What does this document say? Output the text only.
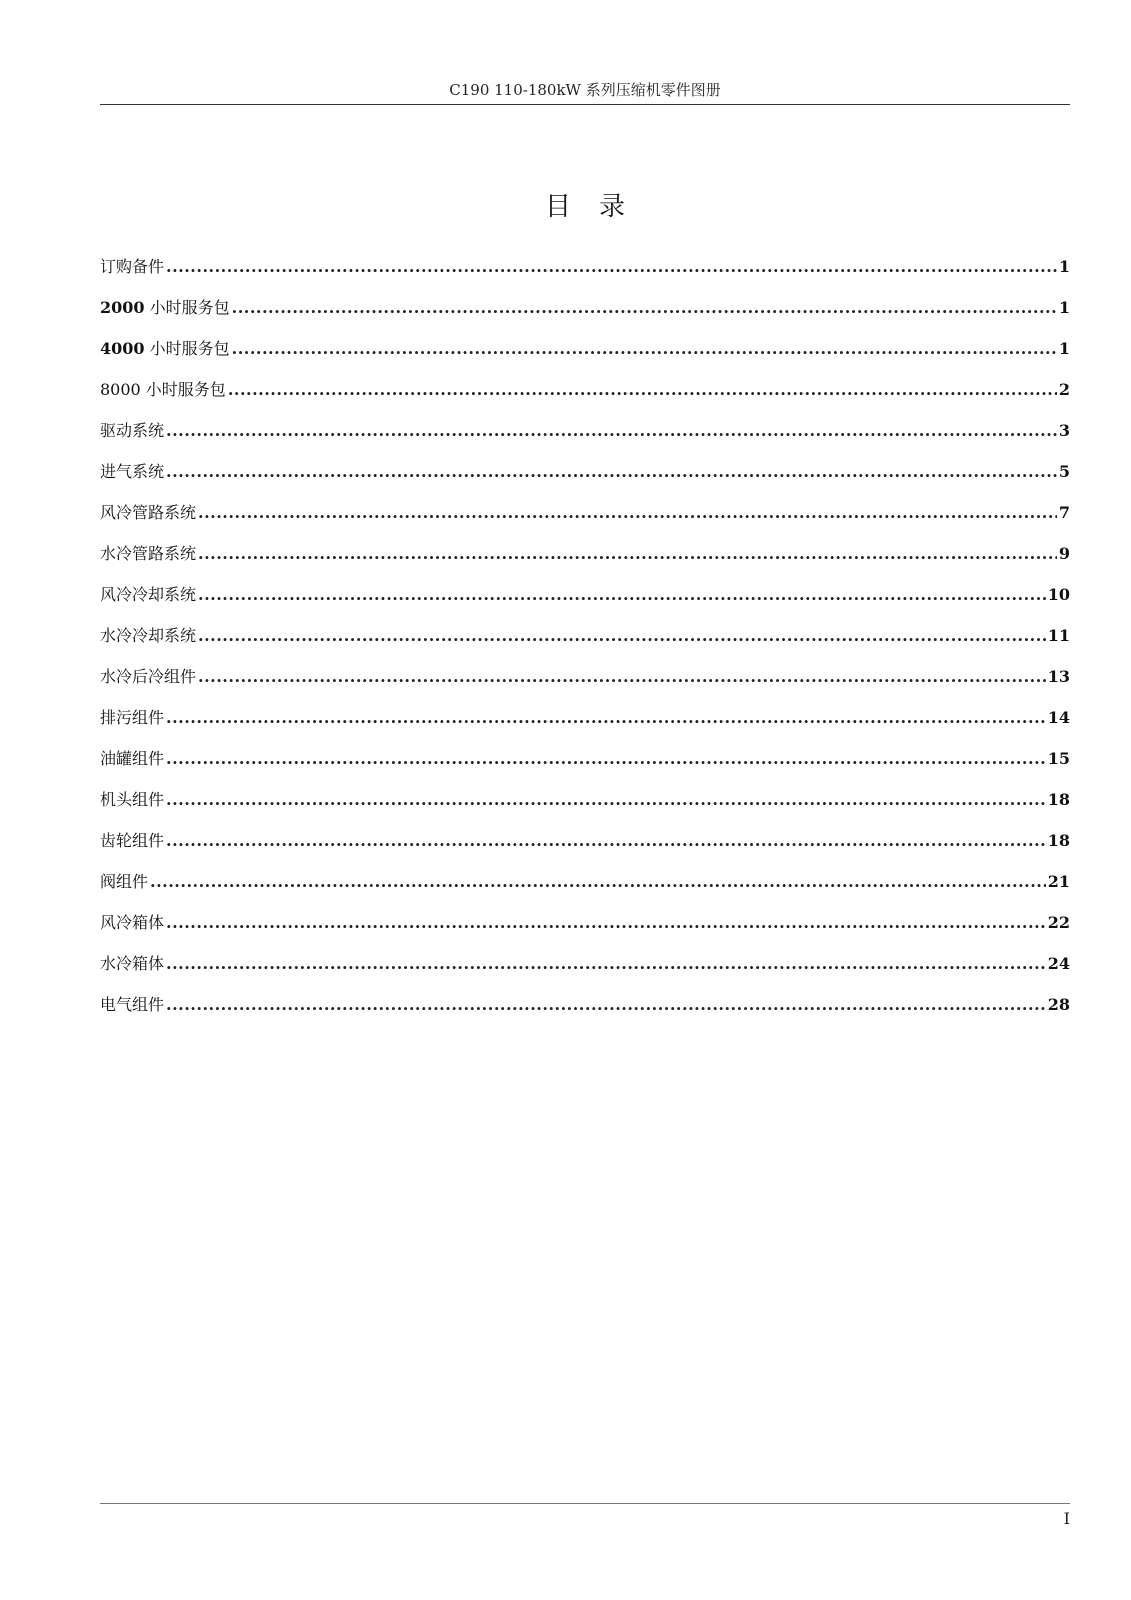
C190 110-180kW 系列压缩机零件图册
目录
订购备件 .....	1
2000 小时服务包 .....	1
4000 小时服务包 .....	1
8000 小时服务包 .....	2
驱动系统 .....	3
进气系统 .....	5
风冷管路系统 .....	7
水冷管路系统 .....	9
风冷冷却系统 .....	10
水冷冷却系统 .....	11
水冷后冷组件 .....	13
排污组件 .....	14
油罐组件 .....	15
机头组件 .....	18
齿轮组件 .....	18
阀组件 .....	21
风冷箱体 .....	22
水冷箱体 .....	24
电气组件 .....	28
I
